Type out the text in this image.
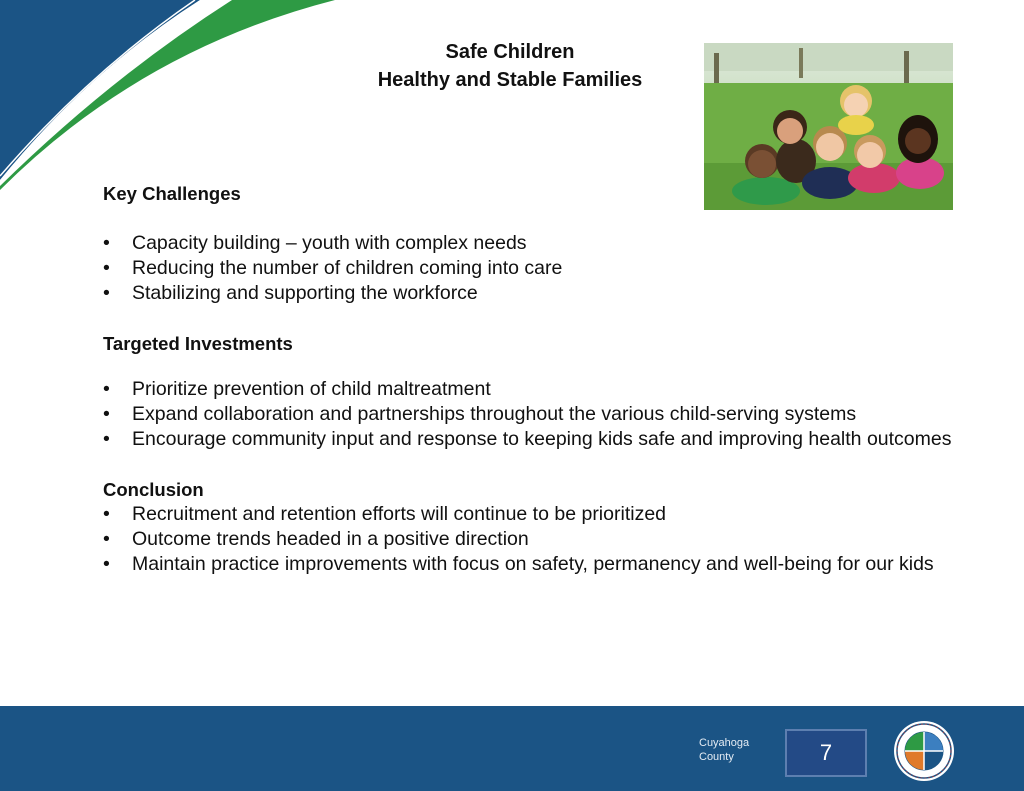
Safe Children
Healthy and Stable Families
Key Challenges
• Capacity building – youth with complex needs
• Reducing the number of children coming into care
• Stabilizing and supporting the workforce
Targeted Investments
• Prioritize prevention of child maltreatment
• Expand collaboration and partnerships throughout the various child-serving systems
• Encourage community input and response to keeping kids safe and improving health outcomes
Conclusion
• Recruitment and retention efforts will continue to be prioritized
• Outcome trends headed in a positive direction
• Maintain practice improvements with focus on safety, permanency and well-being for our kids
Cuyahoga
County	7
